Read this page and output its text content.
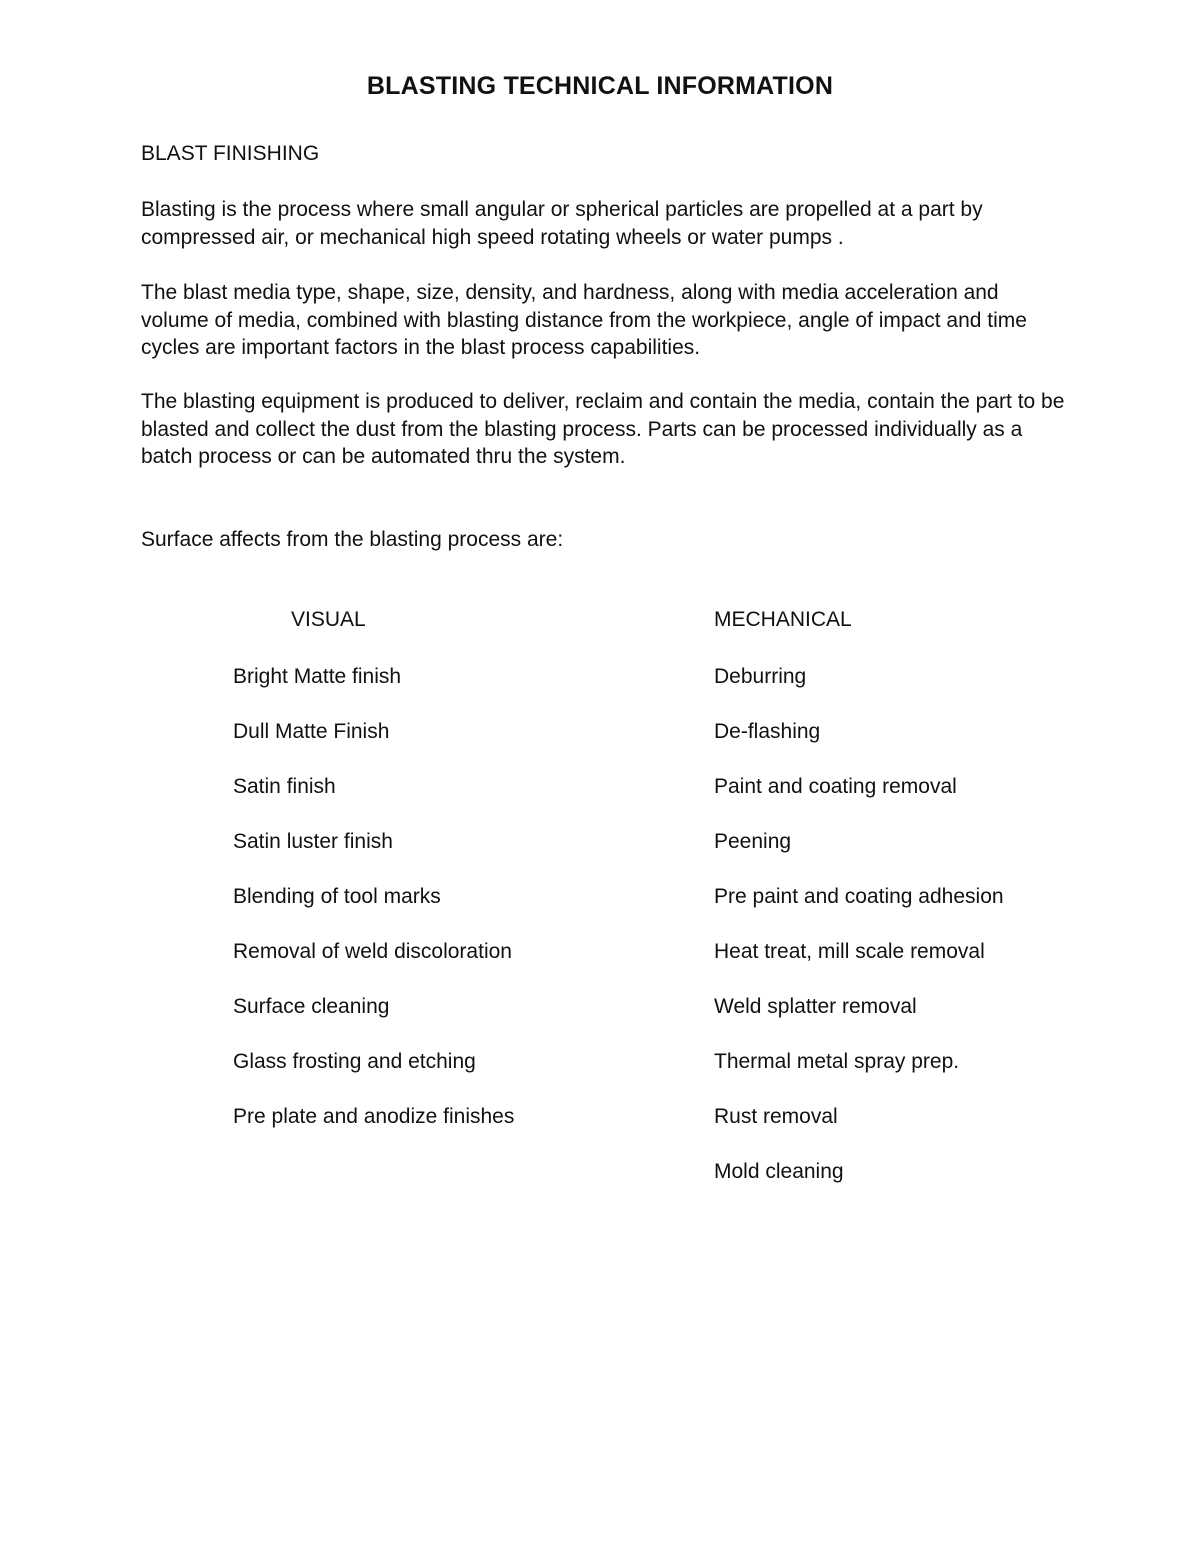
BLASTING TECHNICAL INFORMATION
BLAST FINISHING

Blasting is the process where small angular or spherical particles are propelled at a part by compressed air, or mechanical high speed rotating wheels or water pumps .

The blast media type, shape, size, density, and hardness, along with media acceleration and volume of media, combined with blasting distance from the workpiece, angle of impact and time cycles are important factors in the blast process capabilities.

The blasting equipment is produced to deliver, reclaim and contain the media, contain the part to be blasted and collect the dust from the blasting process. Parts can be processed individually as a batch process or can be automated thru the system.

Surface affects from the blasting process are:

VISUAL	MECHANICAL
Bright Matte finish
Dull Matte Finish
Satin finish
Satin luster finish
Blending of tool marks
Removal of weld discoloration
Surface cleaning
Glass frosting and etching
Pre plate and anodize finishes
Deburring
De-flashing
Paint and coating removal
Peening
Pre paint and coating adhesion
Heat treat, mill scale removal
Weld splatter removal
Thermal metal spray prep.
Rust removal
Mold cleaning
